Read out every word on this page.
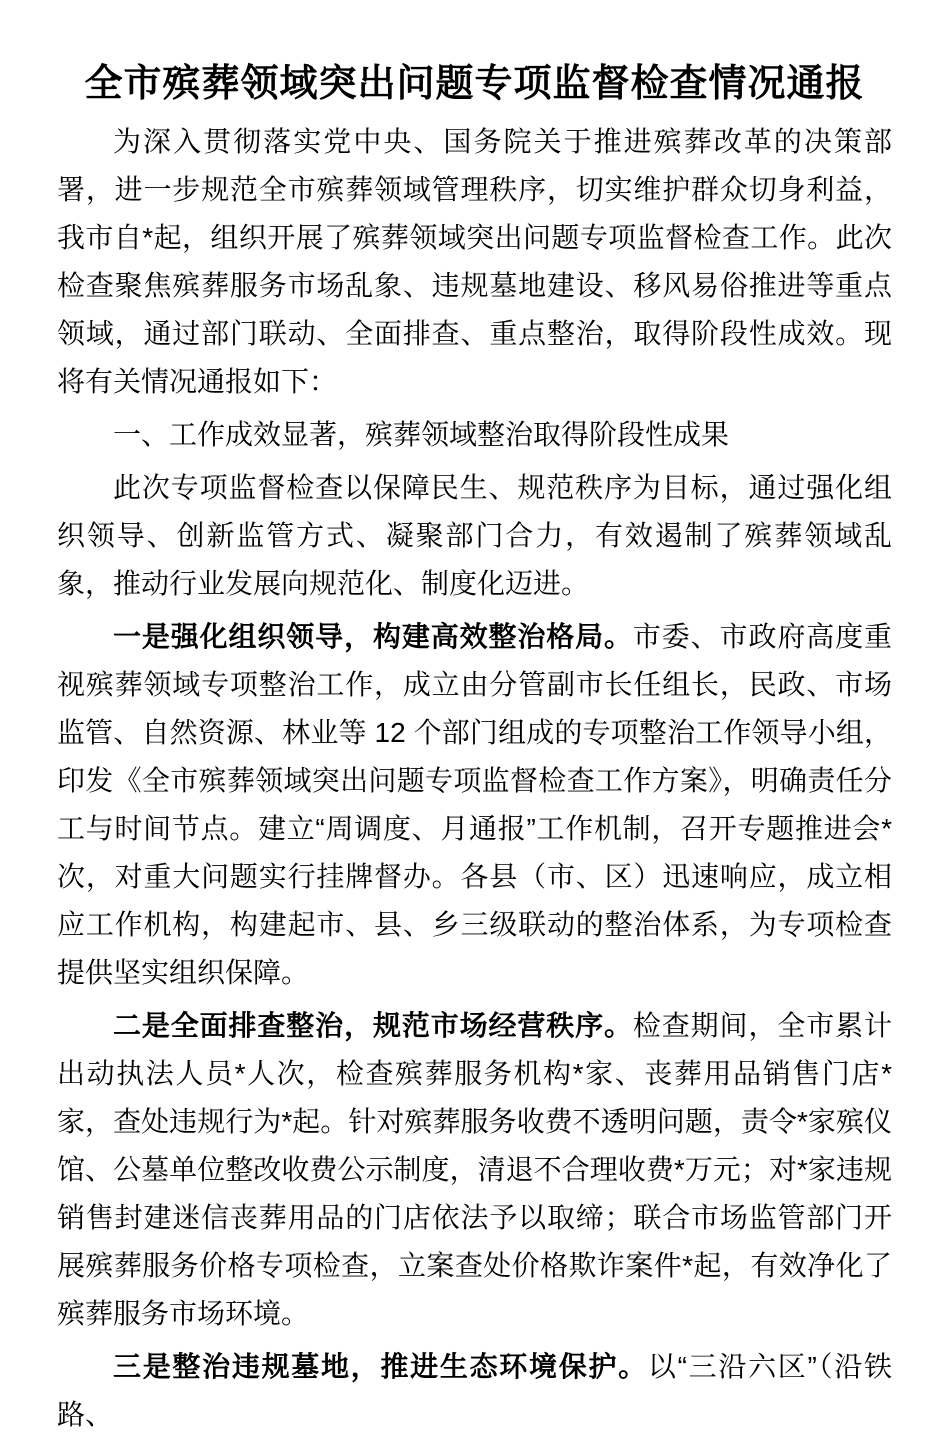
全市殡葬领域突出问题专项监督检查情况通报

为深入贯彻落实党中央、国务院关于推进殡葬改革的决策部署，进一步规范全市殡葬领域管理秩序，切实维护群众切身利益，我市自*起，组织开展了殡葬领域突出问题专项监督检查工作。此次检查聚焦殡葬服务市场乱象、违规墓地建设、移风易俗推进等重点领域，通过部门联动、全面排查、重点整治，取得阶段性成效。现将有关情况通报如下：

一、工作成效显著，殡葬领域整治取得阶段性成果

此次专项监督检查以保障民生、规范秩序为目标，通过强化组织领导、创新监管方式、凝聚部门合力，有效遏制了殡葬领域乱象，推动行业发展向规范化、制度化迈进。

一是强化组织领导，构建高效整治格局。市委、市政府高度重视殡葬领域专项整治工作，成立由分管副市长任组长，民政、市场监管、自然资源、林业等 12 个部门组成的专项整治工作领导小组，印发《全市殡葬领域突出问题专项监督检查工作方案》，明确责任分工与时间节点。建立“周调度、月通报”工作机制，召开专题推进会*次，对重大问题实行挂牌督办。各县（市、区）迅速响应，成立相应工作机构，构建起市、县、乡三级联动的整治体系，为专项检查提供坚实组织保障。

二是全面排查整治，规范市场经营秩序。检查期间，全市累计出动执法人员*人次，检查殡葬服务机构*家、丧葬用品销售门店*家，查处违规行为*起。针对殡葬服务收费不透明问题，责令*家殡仪馆、公墓单位整改收费公示制度，清退不合理收费*万元；对*家违规销售封建迷信丧葬用品的门店依法予以取缔；联合市场监管部门开展殡葬服务价格专项检查，立案查处价格欺诈案件*起，有效净化了殡葬服务市场环境。

三是整治违规墓地，推进生态环境保护。以“三沿六区”（沿铁路、
